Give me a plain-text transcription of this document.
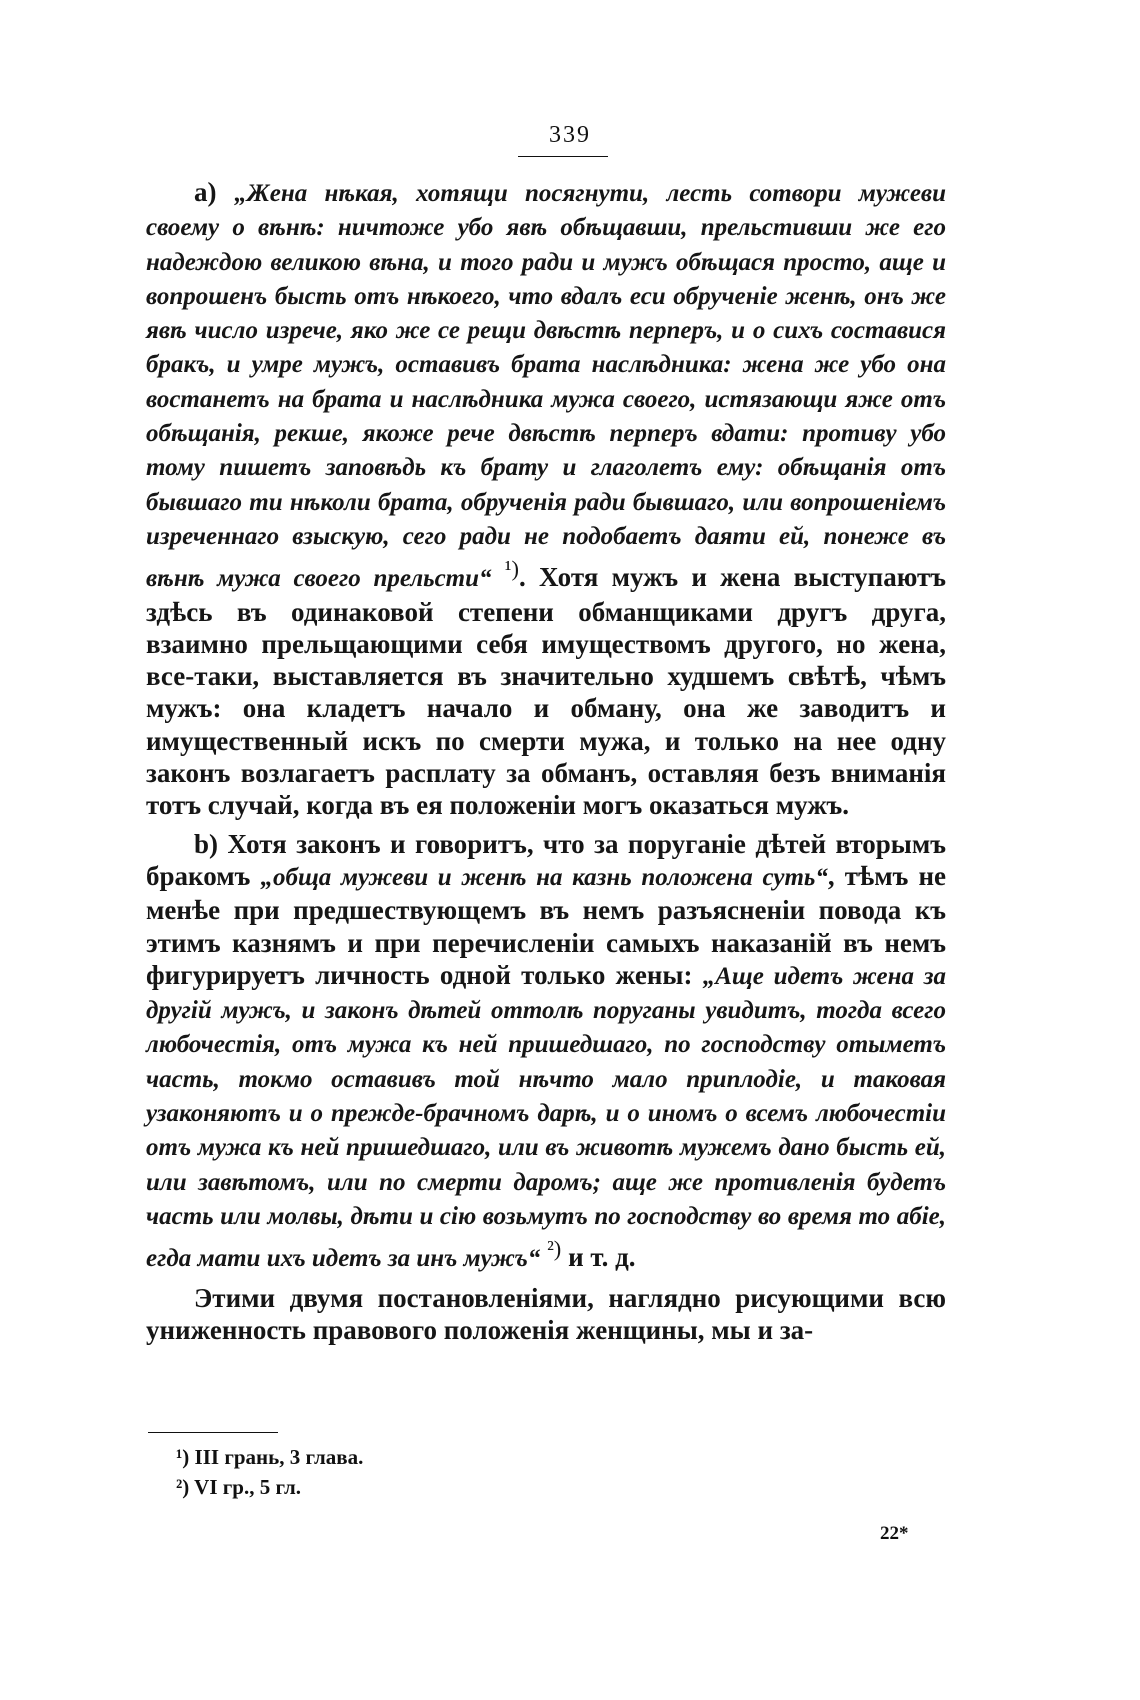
339

a) „Жена нѣкая, хотящи посягнути, лесть сотвори мужеви своему о вѣнѣ: ничтоже убо явѣ обѣщавши, прельстивши же его надеждою великою вѣна, и того ради и мужъ обѣщася просто, аще и вопрошенъ бысть отъ нѣкоего, что вдалъ еси обрученіе женѣ, онъ же явѣ число изрече, яко же се рещи двѣстѣ перперъ, и о сихъ составися бракъ, и умре мужъ, оставивъ брата наслѣдника: жена же убо она востанетъ на брата и наслѣдника мужа своего, истязающи яже отъ обѣщанія, рекше, якоже рече двѣстѣ перперъ вдати: противу убо тому пишетъ заповѣдь къ брату и глаголетъ ему: обѣщанія отъ бывшаго ти нѣколи брата, обрученія ради бывшаго, или вопрошеніемъ изреченнаго взыскую, сего ради не подобаетъ даяти ей, понеже въ вѣнѣ мужа своего прельсти“ $^{^1)}$. Хотя мужъ и жена выступаютъ здѣсь въ одинаковой степени обманщиками другъ друга, взаимно прельщающими себя имуществомъ другого, но жена, все-таки, выставляется въ значительно худшемъ свѣтѣ, чѣмъ мужъ: она кладетъ начало и обману, она же заводитъ и имущественный искъ по смерти мужа, и только на нее одну законъ возлагаетъ расплату за обманъ, оставляя безъ вниманія тотъ случай, когда въ ея положеніи могъ оказаться мужъ.

b) Хотя законъ и говоритъ, что за поруганіе дѣтей вторымъ бракомъ „обща мужеви и женѣ на казнь положена суть“, тѣмъ не менѣе при предшествующемъ въ немъ разъясненіи повода къ этимъ казнямъ и при перечисленіи самыхъ наказаній въ немъ фигурируетъ личность одной только жены: „Аще идетъ жена за другій мужъ, и законъ дѣтей оттолѣ поруганы увидитъ, тогда всего любочестія, отъ мужа къ ней пришедшаго, по господству отыметъ часть, токмо оставивъ той нѣчто мало приплодіе, и таковая узаконяютъ и о прежде-брачномъ дарѣ, и о иномъ о всемъ любочестіи отъ мужа къ ней пришедшаго, или въ животѣ мужемъ дано бысть ей, или завѣтомъ, или по смерти даромъ; аще же противленія будетъ часть или молвы, дѣти и сію возьмутъ по господству во время то абіе, егда мати ихъ идетъ за инъ мужъ“ $^{^2)}$ и т. д.

Этими двумя постановленіями, наглядно рисующими всю униженность правового положенія женщины, мы и за-

¹) III грань, 3 глава.
²) VI гр., 5 гл.
22*
